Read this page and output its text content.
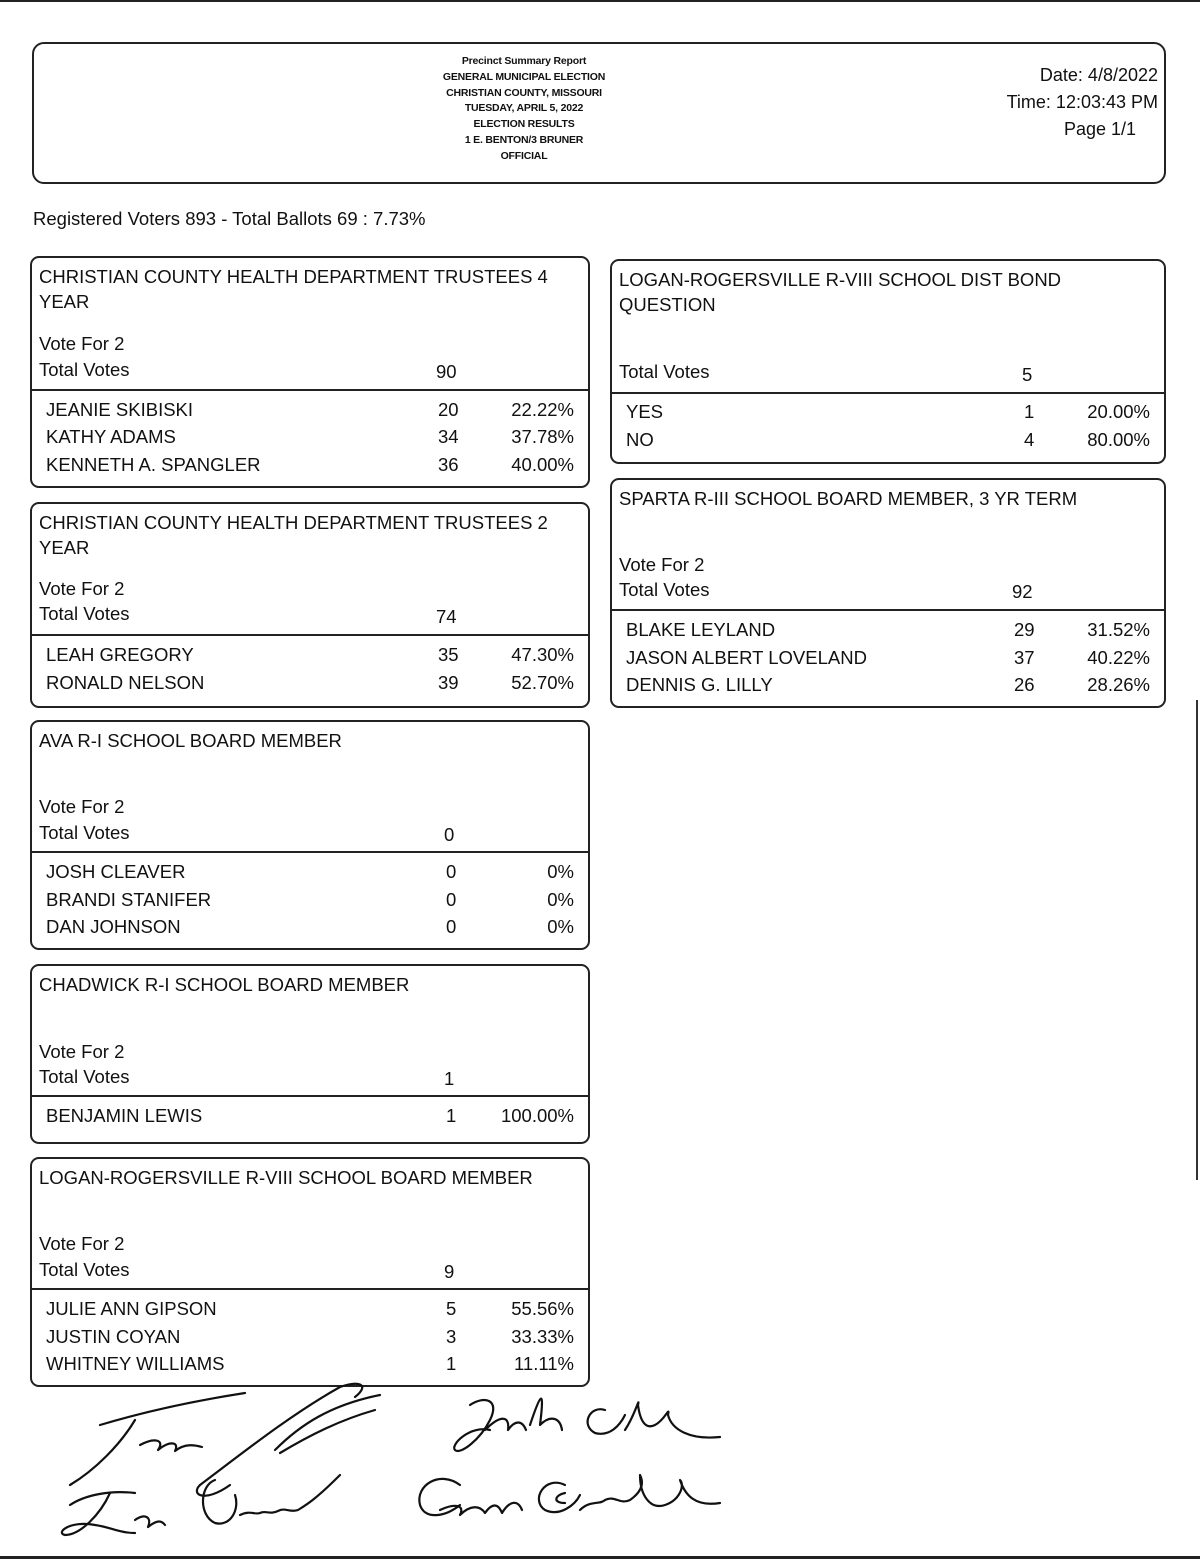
Precinct Summary Report
GENERAL MUNICIPAL ELECTION
CHRISTIAN COUNTY, MISSOURI
TUESDAY, APRIL 5, 2022
ELECTION RESULTS
1 E. BENTON/3 BRUNER
OFFICIAL
Date: 4/8/2022
Time: 12:03:43 PM
Page 1/1
Registered Voters 893 - Total Ballots 69 : 7.73%
CHRISTIAN COUNTY HEALTH DEPARTMENT TRUSTEES 4 YEAR
Vote For 2
Total Votes	90
JEANIE SKIBISKI	20	22.22%
KATHY ADAMS	34	37.78%
KENNETH A. SPANGLER	36	40.00%
CHRISTIAN COUNTY HEALTH DEPARTMENT TRUSTEES 2 YEAR
Vote For 2
Total Votes	74
LEAH GREGORY	35	47.30%
RONALD NELSON	39	52.70%
AVA R-I SCHOOL BOARD MEMBER
Vote For 2
Total Votes	0
JOSH CLEAVER	0	0%
BRANDI STANIFER	0	0%
DAN JOHNSON	0	0%
CHADWICK R-I SCHOOL BOARD MEMBER
Vote For 2
Total Votes	1
BENJAMIN LEWIS	1 100.00%
LOGAN-ROGERSVILLE R-VIII SCHOOL BOARD MEMBER
Vote For 2
Total Votes	9
JULIE ANN GIPSON	5	55.56%
JUSTIN COYAN	3	33.33%
WHITNEY WILLIAMS	1	11.11%
LOGAN-ROGERSVILLE R-VIII SCHOOL DIST BOND QUESTION
Total Votes	5
YES	1	20.00%
NO	4	80.00%
SPARTA R-III SCHOOL BOARD MEMBER, 3 YR TERM
Vote For 2
Total Votes	92
BLAKE LEYLAND	29	31.52%
JASON ALBERT LOVELAND	37	40.22%
DENNIS G. LILLY	26	28.26%
